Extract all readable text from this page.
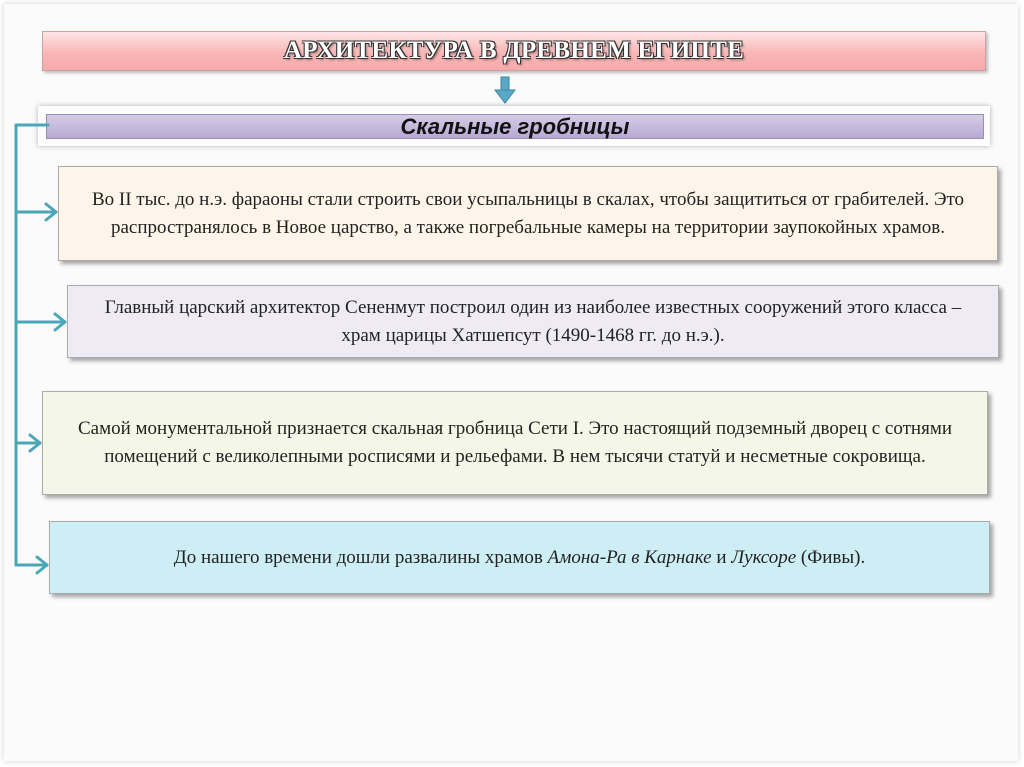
АРХИТЕКТУРА В ДРЕВНЕМ ЕГИПТЕ
Скальные гробницы
Во II тыс. до н.э. фараоны стали строить свои усыпальницы в скалах, чтобы защититься от грабителей. Это распространялось в Новое царство, а также погребальные камеры на территории заупокойных храмов.
Главный царский архитектор Сененмут построил один из наиболее известных сооружений этого класса – храм царицы Хатшепсут (1490-1468 гг. до н.э.).
Самой монументальной признается скальная гробница Сети I. Это настоящий подземный дворец с сотнями помещений с великолепными росписями и рельефами. В нем тысячи статуй и несметные сокровища.
До нашего времени дошли развалины храмов Амона-Ра в Карнаке и Луксоре (Фивы).
